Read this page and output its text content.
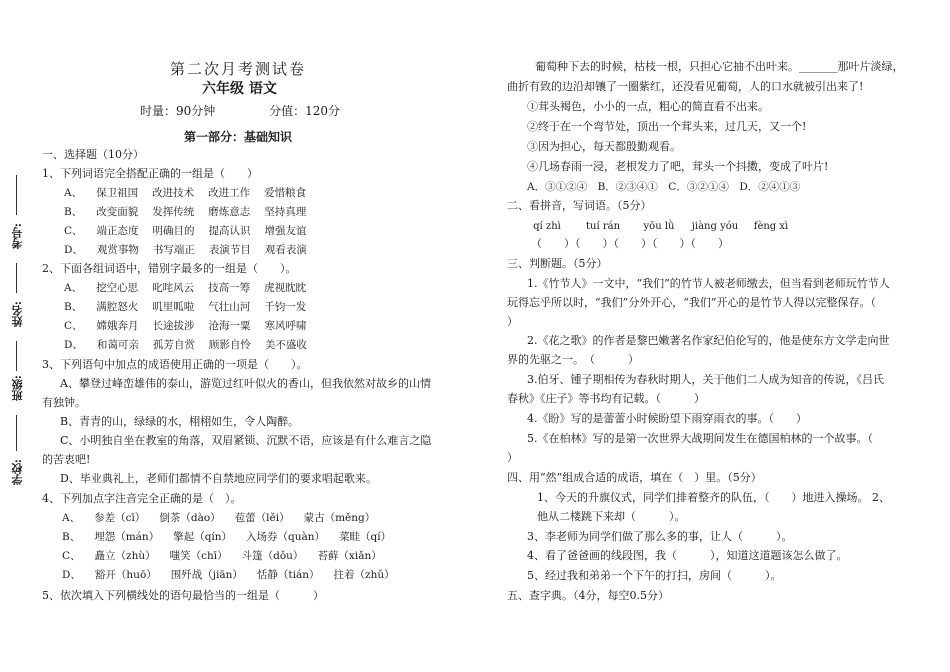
考号:
姓名:
班级:
学校:
第二次月考测试卷
六年级 语文
时量：90分钟	分值：120分
第一部分：基础知识
一、选择题（10分）
1、下列词语完全搭配正确的一组是（　　）
A、 保卫祖国 改进技术 改进工作 爱惜粮食
B、 改变面貌 发挥传统 磨炼意志 坚持真理
C、 端正态度 明确目的 提高认识 增强友谊
D、 观赏事物 书写端正 表演节目 观看表演
2、下面各组词语中，错别字最多的一组是（　　）。
A、 挖空心思 叱咤风云 技高一筹 虎视眈眈
B、 满腔怒火 叽里呱啦 气壮山河 千钧一发
C、 嫦娥奔月 长途拔涉 沧海一粟 寒风呼啸
D、 和蔼可亲 孤芳自赏 顾影自怜 美不盛收
3、下列语句中加点的成语使用正确的一项是（　　）。
A、攀登过峰峦雄伟的泰山，游览过红叶似火的香山，但我依然对故乡的山情
有独钟。
B、青青的山，绿绿的水，栩栩如生，令人陶醉。
C、小明独自坐在教室的角落，双眉紧锁、沉默不语，应该是有什么难言之隐
的苦衷吧!
D、毕业典礼上，老师们都情不自禁地应同学们的要求唱起歌来。
4、下列加点字注音完全正确的是（　）。
A、 参差（cī） 倒茶（dào） 苞蕾（lěi） 蒙古（měng）
B、 埋怨（mán） 擎起（qín） 入场券（quàn） 菜畦（qí）
C、 矗立（zhù） 嗤笑（chī） 斗篷（dǒu） 苔藓（xiǎn）
D、 豁开（huō） 围歼战（jiān） 恬静（tián） 拄着（zhǔ）
5、依次填入下列横线处的语句最恰当的一组是（　　　）
葡萄种下去的时候，枯枝一根，只担心它抽不出叶来。_______那叶片淡绿，
曲折有致的边沿却镶了一圈紫红，还没看见葡萄，人的口水就被引出来了!
①茸头褐色，小小的一点，粗心的简直看不出来。
②终于在一个弯节处，顶出一个茸头来，过几天，又一个!
③因为担心，每天都殷勤观看。
④几场春雨一浸，老根发力了吧，茸头一个抖擞，变成了叶片!
A．③①②④　B．②③④①　C．③②①④　D．②④①③
二、看拼音，写词语。（5分）
qí zhì	tuí rán yōu lǜ jiàng yóu fèng xì
（　　）（　　）（　　）（　　）（　　）
三、判断题。（5分）
1.《竹节人》一文中，“我们”的竹节人被老师缴去，但当看到老师玩竹节人
玩得忘乎所以时，“我们”分外开心，“我们”开心的是竹节人得以完整保存。（
）
2.《花之歌》的作者是黎巴嫩著名作家纪伯伦写的，他是使东方文学走向世
界的先驱之一。　（　　　）
3.伯牙、锺子期相传为春秋时期人，关于他们二人成为知音的传说，《吕氏
春秋》《庄子》等书均有记载。（　　　）
4.《盼》写的是蕾蕾小时候盼望下雨穿雨衣的事。（　　）
5.《在柏林》写的是第一次世界大战期间发生在德国柏林的一个故事。（
）
四、用“然”组成合适的成语，填在（　）里。（5分）
1、今天的升旗仪式，同学们排着整齐的队伍，（　　）地进入操场。 2、
他从二楼跳下来却（　　　）。
3、李老师为同学们做了那么多的事，让人（　　　）。
4、看了爸爸画的线段图，我（　　　），知道这道题该怎么做了。
5、经过我和弟弟一个下午的打扫，房间（　　　）。
五、查字典。（4分，每空0.5分）
